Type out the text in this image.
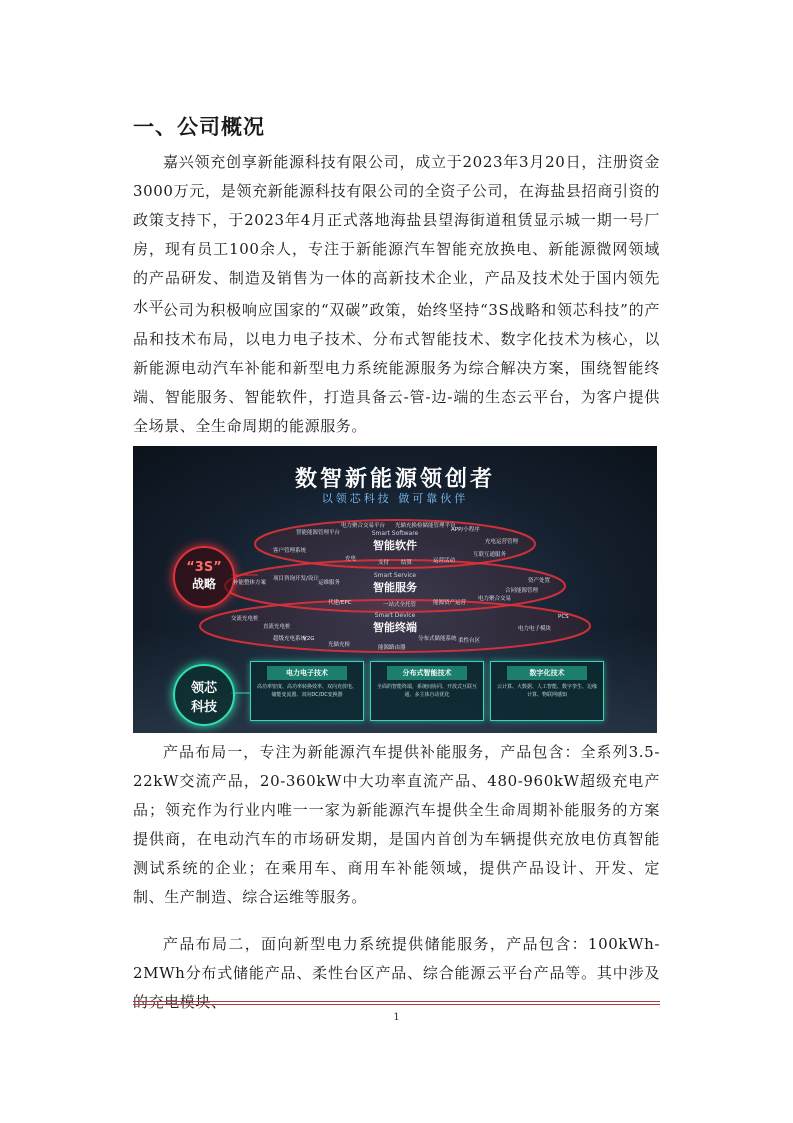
一、公司概况

嘉兴领充创享新能源科技有限公司，成立于2023年3月20日，注册资金3000万元，是领充新能源科技有限公司的全资子公司，在海盐县招商引资的政策支持下，于2023年4月正式落地海盐县望海街道租赁显示城一期一号厂房，现有员工100余人，专注于新能源汽车智能充放换电、新能源微网领域的产品研发、制造及销售为一体的高新技术企业，产品及技术处于国内领先水平。

公司为积极响应国家的“双碳”政策，始终坚持“3S战略和领芯科技”的产品和技术布局，以电力电子技术、分布式智能技术、数字化技术为核心，以新能源电动汽车补能和新型电力系统能源服务为综合解决方案，围绕智能终端、智能服务、智能软件，打造具备云-管-边-端的生态云平台，为客户提供全场景、全生命周期的能源服务。

数智新能源领创者
以领芯科技 做可靠伙伴
“3S”
战略
领芯
科技
Smart Software
智能软件
智能能源管理平台
电力聚合交易平台 光储充换检储能管理平台
APP/小程序
充电运营管理
充电
支付	运营活动
互联互通服务
客户管理系统
结算
Smart Service
智能服务
补能整体方案
项目咨询开发/设计
运维服务
代建/EPC	一站式全托管	能源资产运营
电力聚合交易
合同能源管理
资产处置
Smart Device
智能终端
交流充电桩
直流充电桩
超级充电系统
V2G
光储充检	能源路由器
分布式储能系统 柔性台区
电力电子模块
PCS
电力电子技术
高功率密度、高功率转换效率、双向充放电、储能变流器、双向DC/DC变换器
分布式智能技术
全面的智能终端，系统间协同、开放式互联互通、多主体自动优化
数字化技术
云计算、大数据、人工智能、数字孪生、边缘计算、物联网感知

产品布局一，专注为新能源汽车提供补能服务，产品包含：全系列3.5-22kW交流产品，20-360kW中大功率直流产品、480-960kW超级充电产品；领充作为行业内唯一一家为新能源汽车提供全生命周期补能服务的方案提供商，在电动汽车的市场研发期，是国内首创为车辆提供充放电仿真智能测试系统的企业；在乘用车、商用车补能领域，提供产品设计、开发、定制、生产制造、综合运维等服务。

产品布局二，面向新型电力系统提供储能服务，产品包含：100kWh-2MWh分布式储能产品、柔性台区产品、综合能源云平台产品等。其中涉及的充电模块、

1
